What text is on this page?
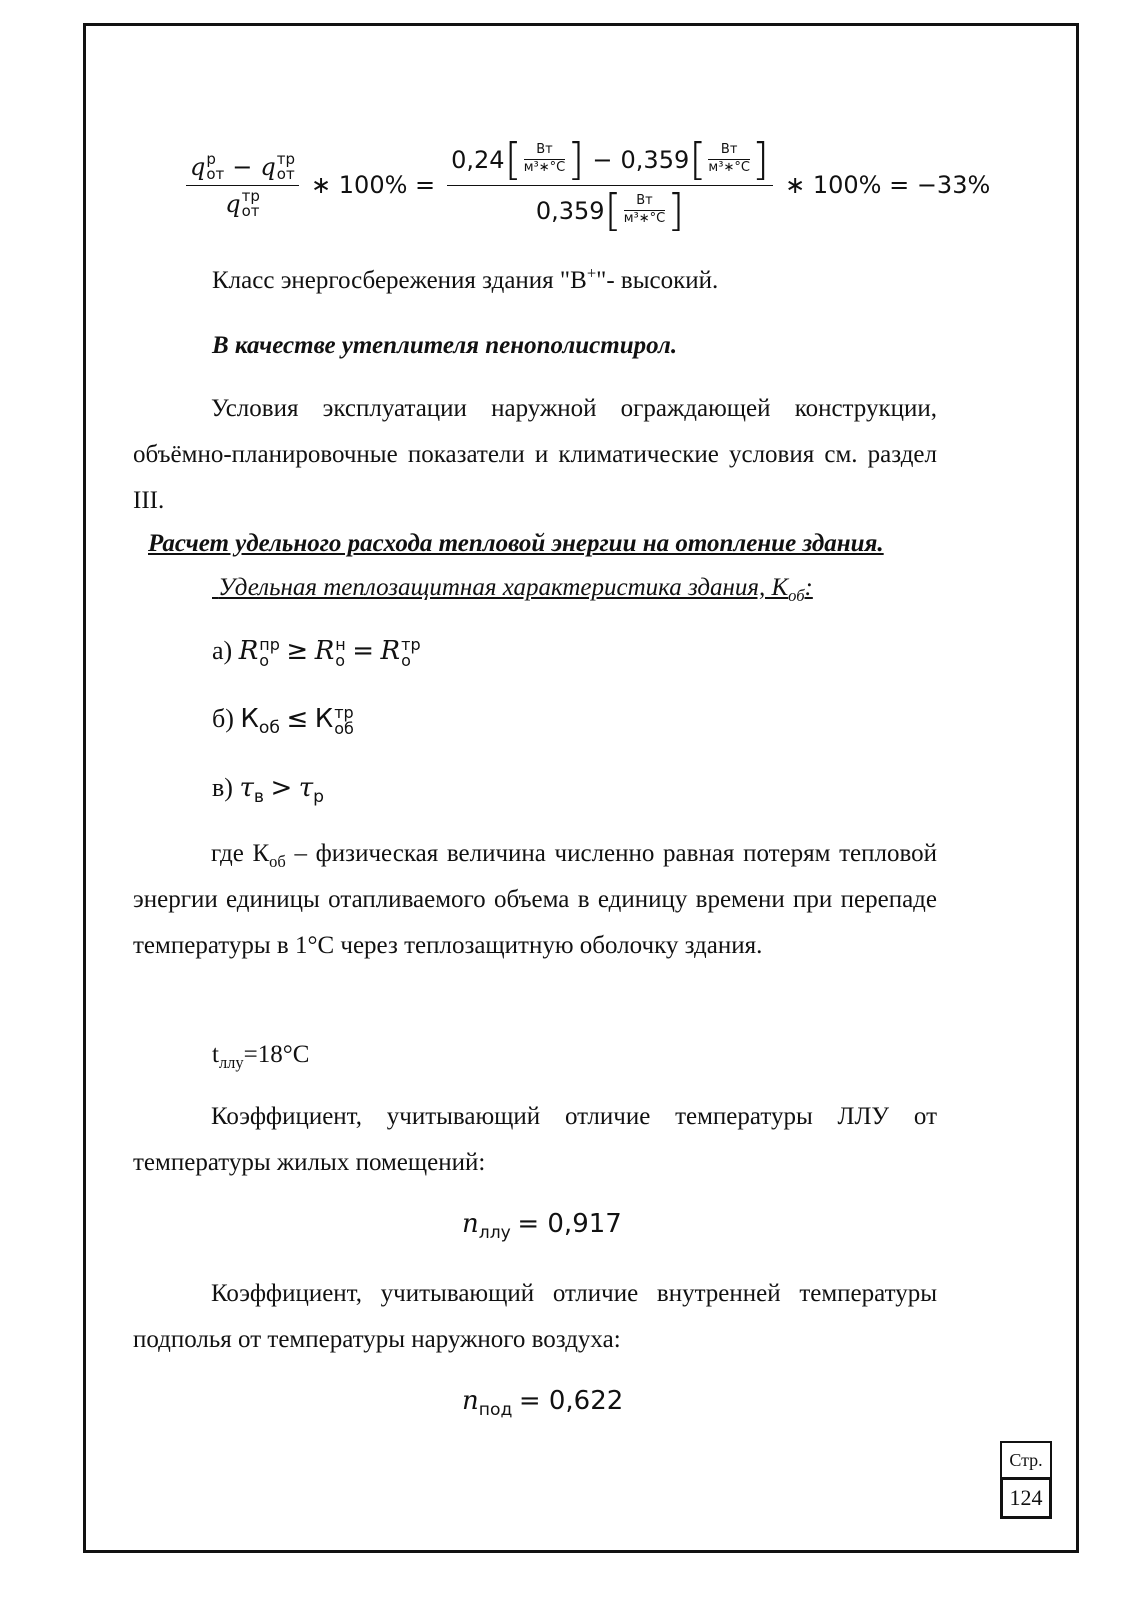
q р
от − q тр
от
q тр
от ∗ 100% =
0,24 [ Вт
м³∗°C ] − 0,359 [ Вт
м³∗°C ]
0,359 [ Вт
м³∗°C ]	∗ 100% = −33%
Класс энергосбережения здания "В+"- высокий.
В качестве утеплителя пенополистирол.
Условия эксплуатации наружной ограждающей конструкции, объёмно-планировочные показатели и климатические условия см. раздел III.
Расчет удельного расхода тепловой энергии на отопление здания.
Удельная теплозащитная характеристика здания, $К_{об}$:
а) R пр
о ≥ R н
о = R тр
о
б) $К_{об} \le К$ тр
об
в) $\tau_в > \tau_р$
где $К_{об}$ – физическая величина численно равная потерям тепловой энергии единицы отапливаемого объема в единицу времени при перепаде температуры в 1°C через теплозащитную оболочку здания.
$t_{ллу}=18^\circ C$
Коэффициент, учитывающий отличие температуры ЛЛУ от температуры жилых помещений:
$n_{ллу} = 0,917$
Коэффициент, учитывающий отличие внутренней температуры подполья от температуры наружного воздуха:
$n_{под} = 0,622$
Стр.
124
